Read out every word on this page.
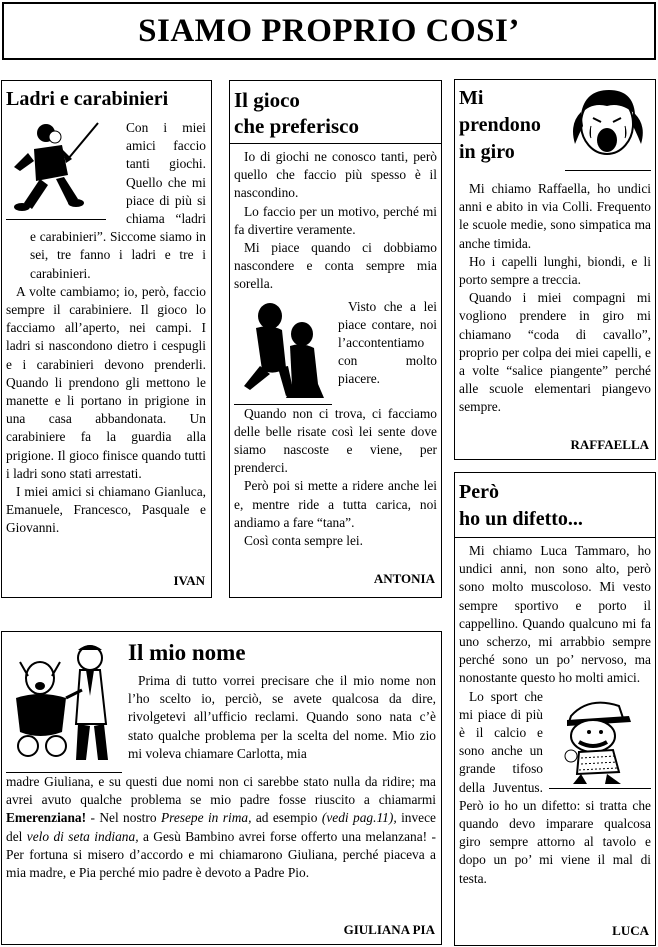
SIAMO PROPRIO COSI’
Ladri e carabinieri

Con i miei amici faccio tanti giochi. Quello che mi piace di più si chiama “ladri e carabinieri”. Siccome siamo in sei, tre fanno i ladri e tre i carabinieri.

A volte cambiamo; io, però, faccio sempre il carabiniere. Il gioco lo facciamo all’aperto, nei campi. I ladri si nascondono dietro i cespugli e i carabinieri devono prenderli. Quando li prendono gli mettono le manette e li portano in prigione in una casa abbandonata. Un carabiniere fa la guardia alla prigione. Il gioco finisce quando tutti i ladri sono stati arrestati.

I miei amici si chiamano Gianluca, Emanuele, Francesco, Pasquale e Giovanni.

IVAN
Il gioco
che preferisco

Io di giochi ne conosco tanti, però quello che faccio più spesso è il nascondino.

Lo faccio per un motivo, perché mi fa divertire veramente.

Mi piace quando ci dobbiamo nascondere e conta sempre mia sorella.

Visto che a lei piace contare, noi l’accontentiamo con molto piacere.

Quando non ci trova, ci facciamo delle belle risate così lei sente dove siamo nascoste e viene, per prenderci.

Però poi si mette a ridere anche lei e, mentre ride a tutta carica, noi andiamo a fare “tana”.

Così conta sempre lei.

ANTONIA
Mi
prendono
in giro

Mi chiamo Raffaella, ho undici anni e abito in via Colli. Frequento le scuole medie, sono simpatica ma anche timida.

Ho i capelli lunghi, biondi, e li porto sempre a treccia.

Quando i miei compagni mi vogliono prendere in giro mi chiamano “coda di cavallo”, proprio per colpa dei miei capelli, e a volte “salice piangente” perché alle scuole elementari piangevo sempre.

RAFFAELLA
Però
ho un difetto...

Mi chiamo Luca Tammaro, ho undici anni, non sono alto, però sono molto muscoloso. Mi vesto sempre sportivo e porto il cappellino. Quando qualcuno mi fa uno scherzo, mi arrabbio sempre perché sono un po’ nervoso, ma nonostante questo ho molti amici.

Lo sport che mi piace di più è il calcio e sono anche un grande tifoso della Juventus. Però io ho un difetto: si tratta che quando devo imparare qualcosa giro sempre attorno al tavolo e dopo un po’ mi viene il mal di testa.

LUCA
Il mio nome

Prima di tutto vorrei precisare che il mio nome non l’ho scelto io, perciò, se avete qualcosa da dire, rivolgetevi all’ufficio reclami. Quando sono nata c’è stato qualche problema per la scelta del nome. Mio zio mi voleva chiamare Carlotta, mia

madre Giuliana, e su questi due nomi non ci sarebbe stato nulla da ridire; ma avrei avuto qualche problema se mio padre fosse riuscito a chiamarmi Emerenziana! - Nel nostro Presepe in rima, ad esempio (vedi pag.11), invece del velo di seta indiana, a Gesù Bambino avrei forse offerto una melanzana! - Per fortuna si misero d’accordo e mi chiamarono Giuliana, perché piaceva a mia madre, e Pia perché mio padre è devoto a Padre Pio.

GIULIANA PIA
